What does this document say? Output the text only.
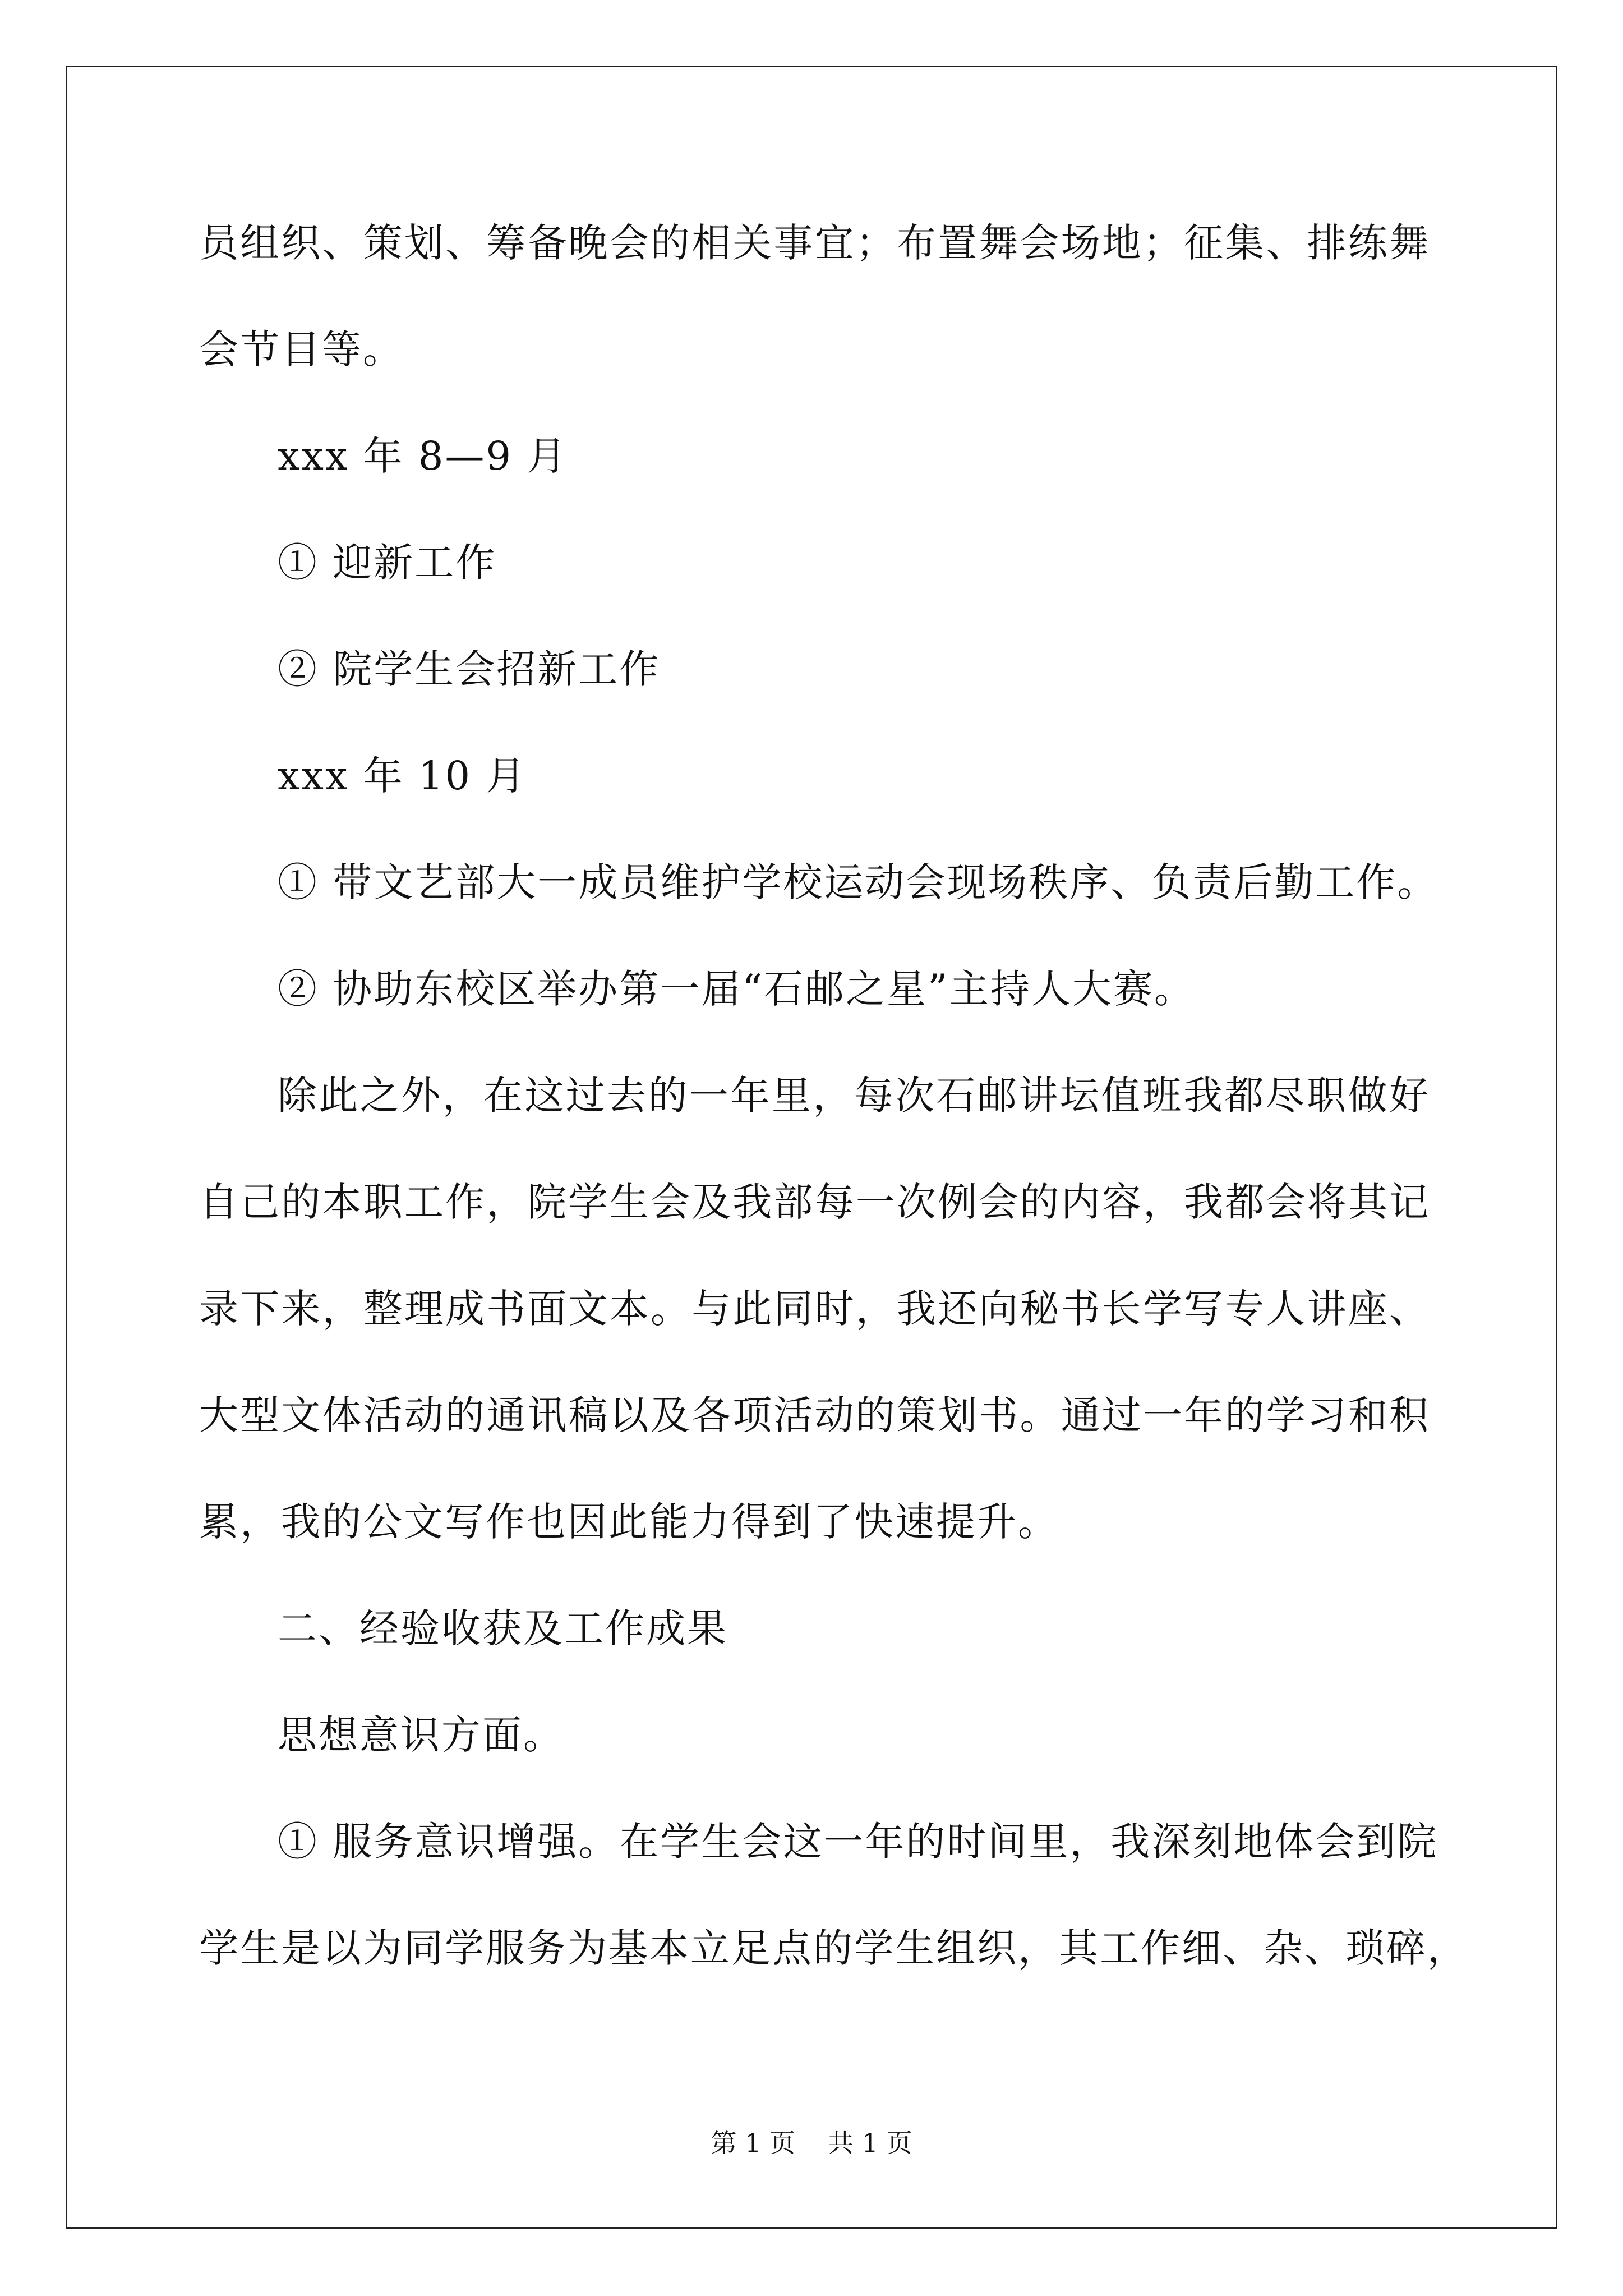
员组织、策划、筹备晚会的相关事宜；布置舞会场地；征集、排练舞
会节目等。
xxx 年 8—9 月
① 迎新工作
② 院学生会招新工作
xxx 年 10 月
① 带文艺部大一成员维护学校运动会现场秩序、负责后勤工作。
② 协助东校区举办第一届“石邮之星”主持人大赛。
除此之外，在这过去的一年里，每次石邮讲坛值班我都尽职做好
自己的本职工作，院学生会及我部每一次例会的内容，我都会将其记
录下来，整理成书面文本。与此同时，我还向秘书长学写专人讲座、
大型文体活动的通讯稿以及各项活动的策划书。通过一年的学习和积
累，我的公文写作也因此能力得到了快速提升。
二、经验收获及工作成果
思想意识方面。
① 服务意识增强。在学生会这一年的时间里，我深刻地体会到院
学生是以为同学服务为基本立足点的学生组织，其工作细、杂、琐碎，
第 1 页 共 1 页
